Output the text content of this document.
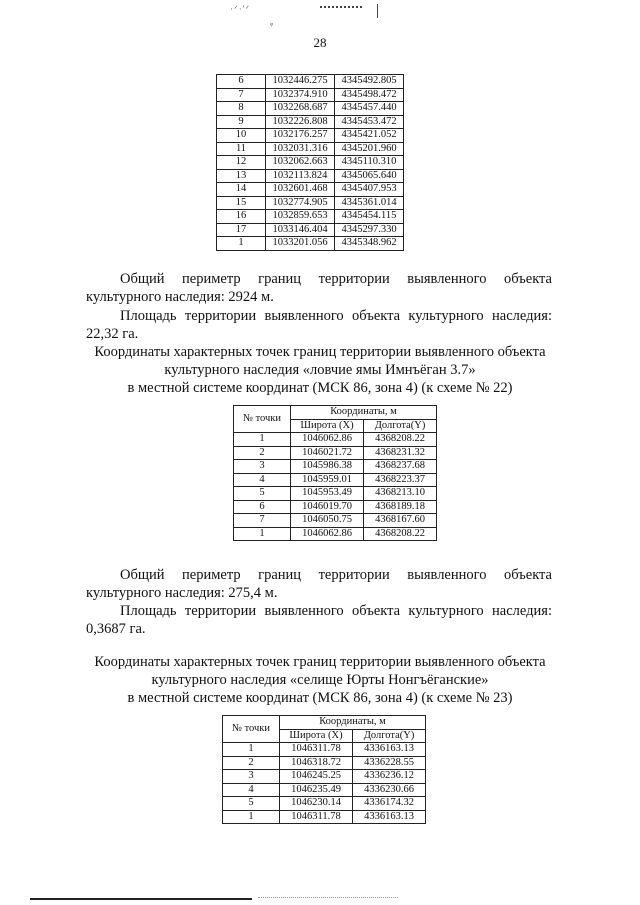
·ᐟ·'ᐟ
ᵠ
28
6	1032446.275	4345492.805
7	1032374.910	4345498.472
8	1032268.687	4345457.440
9	1032226.808	4345453.472
10	1032176.257	4345421.052
11	1032031.316	4345201.960
12	1032062.663	4345110.310
13	1032113.824	4345065.640
14	1032601.468	4345407.953
15	1032774.905	4345361.014
16	1032859.653	4345454.115
17	1033146.404	4345297.330
1	1033201.056	4345348.962
Общий периметр границ территории выявленного объекта
культурного наследия: 2924 м.
Площадь территории выявленного объекта культурного наследия:
22,32 га.
Координаты характерных точек границ территории выявленного объекта
культурного наследия «ловчие ямы Имнъёган 3.7»
в местной системе координат (МСК 86, зона 4) (к схеме № 22)
№ точки	Координаты, м	
	Широта (X)	Долгота(Y)
1	1046062.86	4368208.22
2	1046021.72	4368231.32
3	1045986.38	4368237.68
4	1045959.01	4368223.37
5	1045953.49	4368213.10
6	1046019.70	4368189.18
7	1046050.75	4368167.60
1	1046062.86	4368208.22
Общий периметр границ территории выявленного объекта
культурного наследия: 275,4 м.
Площадь территории выявленного объекта культурного наследия:
0,3687 га.
Координаты характерных точек границ территории выявленного объекта
культурного наследия «селище Юрты Нонгъёганские»
в местной системе координат (МСК 86, зона 4) (к схеме № 23)
№ точки	Координаты, м	
	Широта (X)	Долгота(Y)
1	1046311.78	4336163.13
2	1046318.72	4336228.55
3	1046245.25	4336236.12
4	1046235.49	4336230.66
5	1046230.14	4336174.32
1	1046311.78	4336163.13
